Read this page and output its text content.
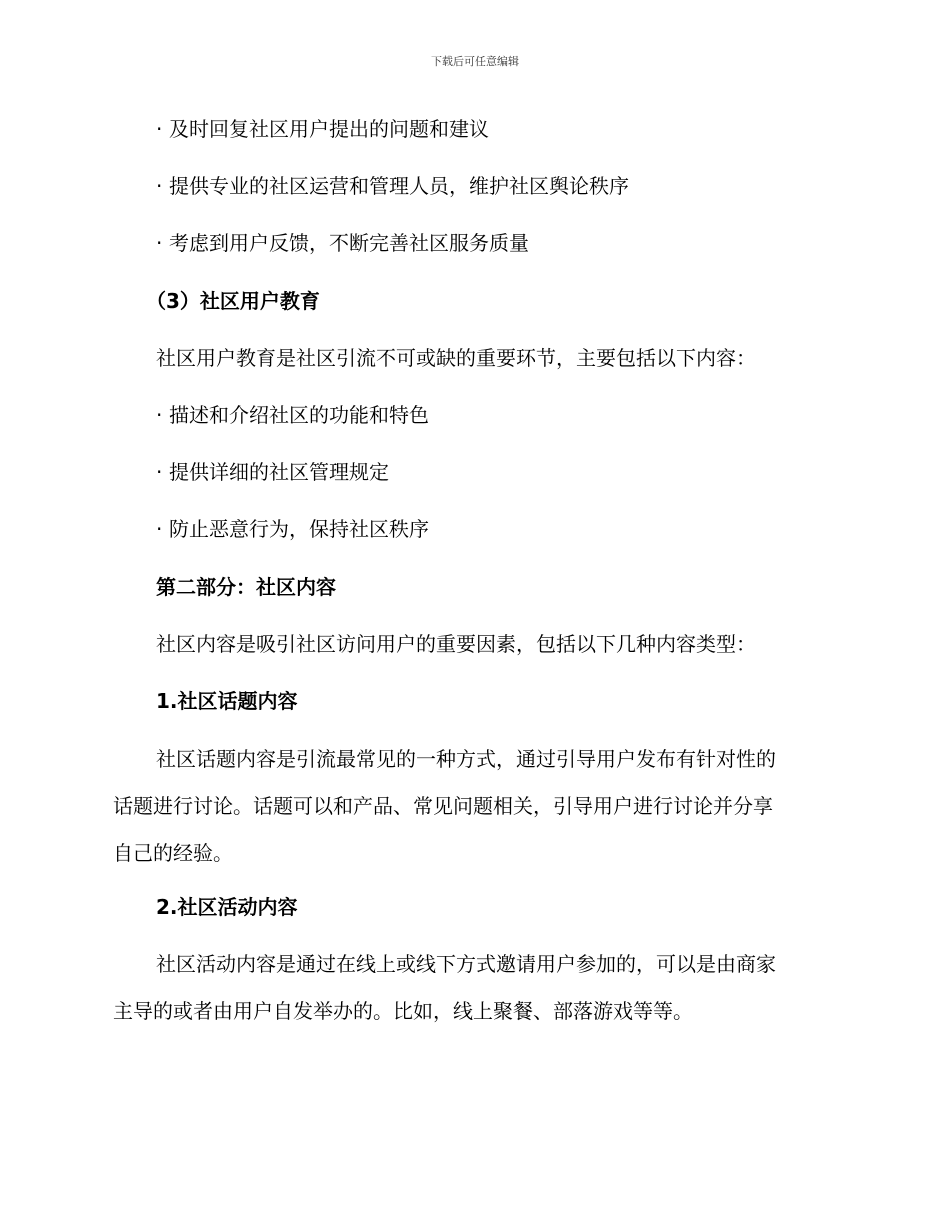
下载后可任意编辑
· 及时回复社区用户提出的问题和建议
· 提供专业的社区运营和管理人员，维护社区舆论秩序
· 考虑到用户反馈，不断完善社区服务质量
（3）社区用户教育
社区用户教育是社区引流不可或缺的重要环节，主要包括以下内容：
· 描述和介绍社区的功能和特色
· 提供详细的社区管理规定
· 防止恶意行为，保持社区秩序
第二部分：社区内容
社区内容是吸引社区访问用户的重要因素，包括以下几种内容类型：
1.社区话题内容
社区话题内容是引流最常见的一种方式，通过引导用户发布有针对性的
话题进行讨论。话题可以和产品、常见问题相关，引导用户进行讨论并分享
自己的经验。
2.社区活动内容
社区活动内容是通过在线上或线下方式邀请用户参加的，可以是由商家
主导的或者由用户自发举办的。比如，线上聚餐、部落游戏等等。
